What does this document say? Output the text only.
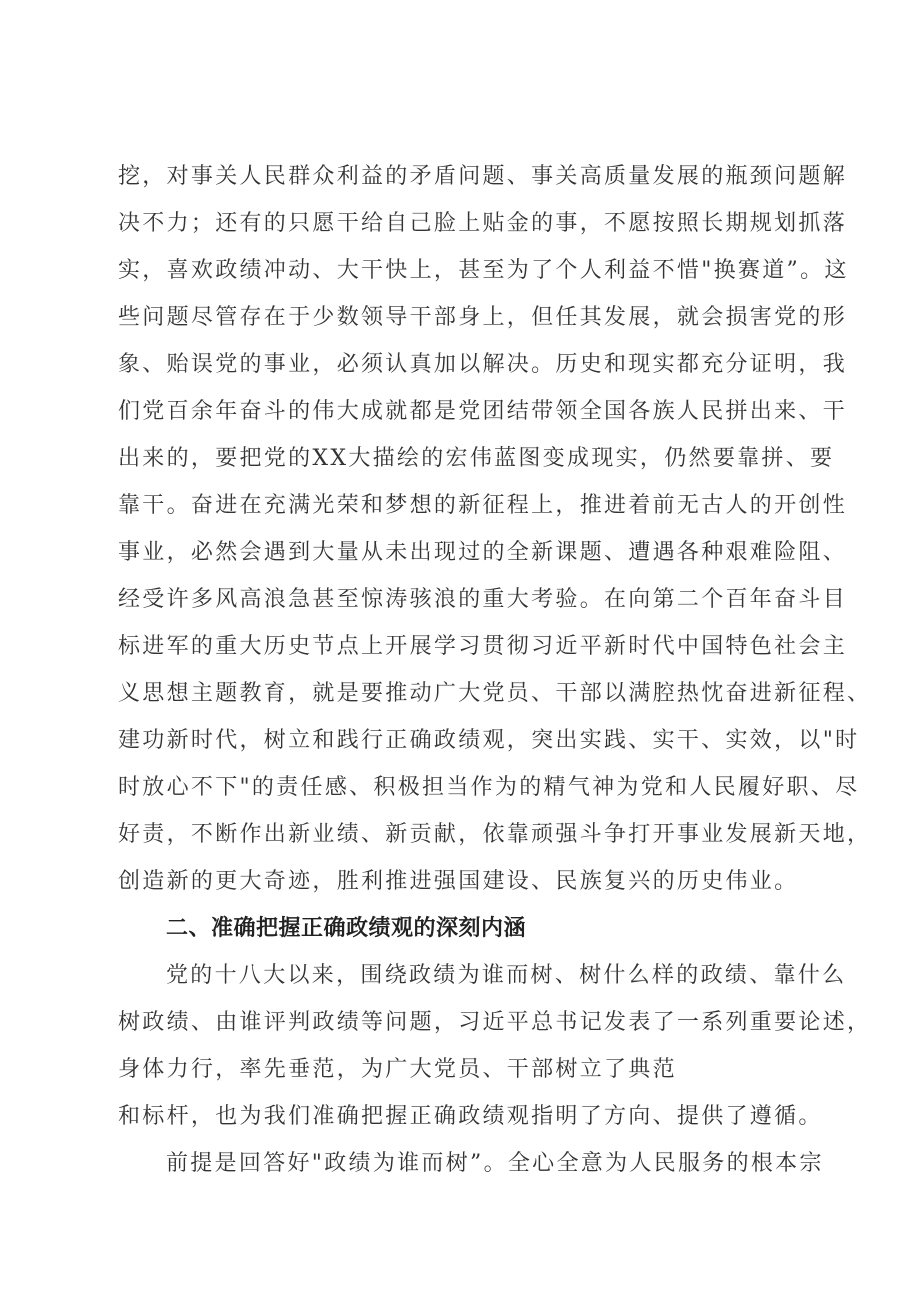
挖，对事关人民群众利益的矛盾问题、事关高质量发展的瓶颈问题解
决不力；还有的只愿干给自己脸上贴金的事，不愿按照长期规划抓落
实，喜欢政绩冲动、大干快上，甚至为了个人利益不惜"换赛道”。这
些问题尽管存在于少数领导干部身上，但任其发展，就会损害党的形
象、贻误党的事业，必须认真加以解决。历史和现实都充分证明，我
们党百余年奋斗的伟大成就都是党团结带领全国各族人民拼出来、干
出来的，要把党的XX大描绘的宏伟蓝图变成现实，仍然要靠拼、要
靠干。奋进在充满光荣和梦想的新征程上，推进着前无古人的开创性
事业，必然会遇到大量从未出现过的全新课题、遭遇各种艰难险阻、
经受许多风高浪急甚至惊涛骇浪的重大考验。在向第二个百年奋斗目
标进军的重大历史节点上开展学习贯彻习近平新时代中国特色社会主
义思想主题教育，就是要推动广大党员、干部以满腔热忱奋进新征程、
建功新时代，树立和践行正确政绩观，突出实践、实干、实效，以"时
时放心不下"的责任感、积极担当作为的精气神为党和人民履好职、尽
好责，不断作出新业绩、新贡献，依靠顽强斗争打开事业发展新天地，
创造新的更大奇迹，胜利推进强国建设、民族复兴的历史伟业。
二、准确把握正确政绩观的深刻内涵
党的十八大以来，围绕政绩为谁而树、树什么样的政绩、靠什么
树政绩、由谁评判政绩等问题，习近平总书记发表了一系列重要论述，
身体力行，率先垂范，为广大党员、干部树立了典范
和标杆，也为我们准确把握正确政绩观指明了方向、提供了遵循。
前提是回答好"政绩为谁而树”。全心全意为人民服务的根本宗
